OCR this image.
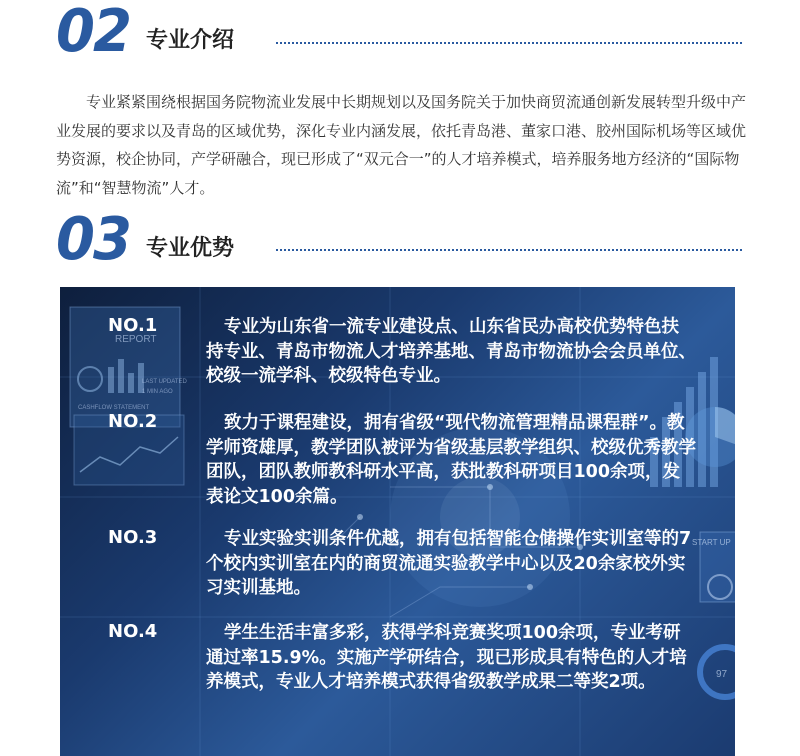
02 专业介绍

专业紧紧围绕根据国务院物流业发展中长期规划以及国务院关于加快商贸流通创新发展转型升级中产业发展的要求以及青岛的区域优势，深化专业内涵发展，依托青岛港、董家口港、胶州国际机场等区域优势资源，校企协同，产学研融合，现已形成了“双元合一”的人才培养模式，培养服务地方经济的“国际物流”和“智慧物流”人才。

03 专业优势
REPORT
LAST UPDATED
1 MIN AGO
CASHFLOW STATEMENT
START UP
97
NO.1	专业为山东省一流专业建设点、山东省民办高校优势特色扶持专业、青岛市物流人才培养基地、青岛市物流协会会员单位、校级一流学科、校级特色专业。

NO.2	致力于课程建设，拥有省级“现代物流管理精品课程群”。教学师资雄厚，教学团队被评为省级基层教学组织、校级优秀教学团队，团队教师教科研水平高，获批教科研项目100余项，发表论文100余篇。

NO.3	专业实验实训条件优越，拥有包括智能仓储操作实训室等的7个校内实训室在内的商贸流通实验教学中心以及20余家校外实习实训基地。

NO.4	学生生活丰富多彩，获得学科竞赛奖项100余项，专业考研通过率15.9%。实施产学研结合，现已形成具有特色的人才培养模式，专业人才培养模式获得省级教学成果二等奖2项。
